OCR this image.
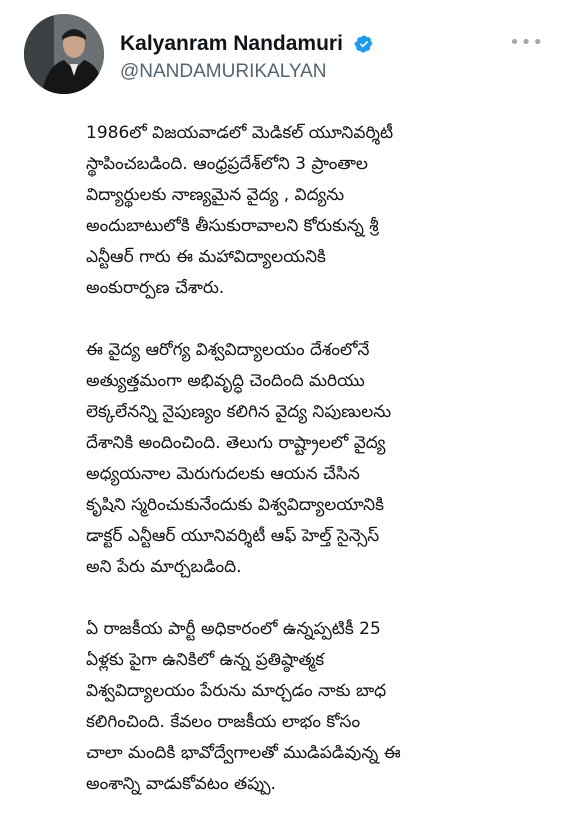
Kalyanram Nandamuri
@NANDAMURIKALYAN
•••

1986లో విజయవాడలో మెడికల్ యూనివర్శిటీ
స్థాపించబడింది. ఆంధ్రప్రదేశ్‌లోని 3 ప్రాంతాల
విద్యార్థులకు నాణ్యమైన వైద్య , విద్యను
అందుబాటులోకి తీసుకురావాలని కోరుకున్న శ్రీ
ఎన్టీఆర్ గారు ఈ మహావిద్యాలయనికి
అంకురార్పణ చేశారు.

ఈ వైద్య ఆరోగ్య విశ్వవిద్యాలయం దేశంలోనే
అత్యుత్తమంగా అభివృద్ధి చెందింది మరియు
లెక్కలేనన్ని నైపుణ్యం కలిగిన వైద్య నిపుణులను
దేశానికి అందించింది. తెలుగు రాష్ట్రాలలో వైద్య
అధ్యయనాల మెరుగుదలకు ఆయన చేసిన
కృషిని స్మరించుకునేందుకు విశ్వవిద్యాలయానికి
డాక్టర్ ఎన్టీఆర్ యూనివర్శిటీ ఆఫ్ హెల్త్ సైన్సెస్
అని పేరు మార్చబడింది.

ఏ రాజకీయ పార్టీ అధికారంలో ఉన్నప్పటికీ 25
ఏళ్లకు పైగా ఉనికిలో ఉన్న ప్రతిష్ఠాత్మక
విశ్వవిద్యాలయం పేరును మార్చడం నాకు బాధ
కలిగించింది. కేవలం రాజకీయ లాభం కోసం
చాలా మందికి భావోద్వేగాలతో ముడిపడివున్న ఈ
అంశాన్ని వాడుకోవటం తప్పు.
